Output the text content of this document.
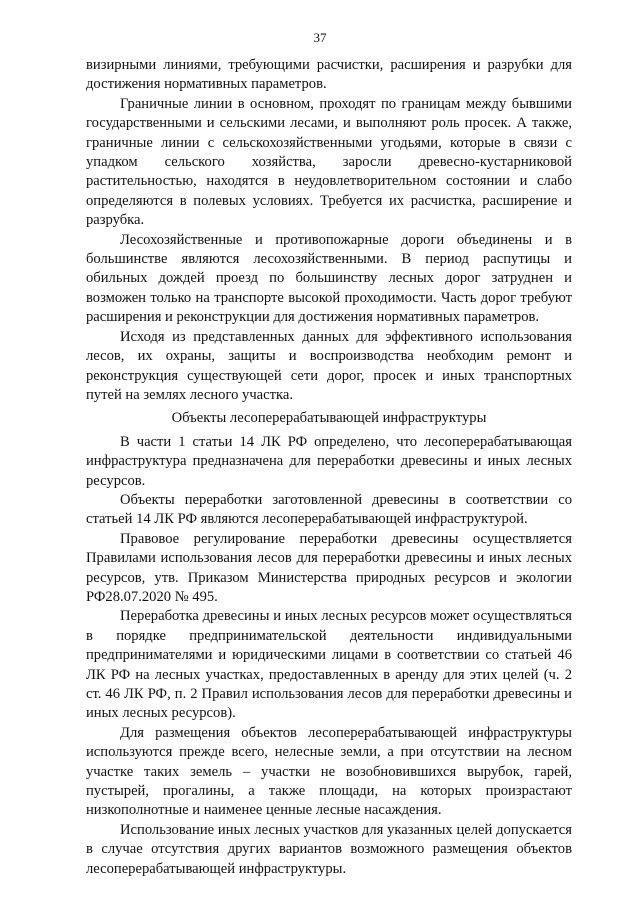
37

визирными линиями, требующими расчистки, расширения и разрубки для достижения нормативных параметров.

Граничные линии в основном, проходят по границам между бывшими государственными и сельскими лесами, и выполняют роль просек. А также, граничные линии с сельскохозяйственными угодьями, которые в связи с упадком сельского хозяйства, заросли древесно-кустарниковой растительностью, находятся в неудовлетворительном состоянии и слабо определяются в полевых условиях. Требуется их расчистка, расширение и разрубка.

Лесохозяйственные и противопожарные дороги объединены и в большинстве являются лесохозяйственными. В период распутицы и обильных дождей проезд по большинству лесных дорог затруднен и возможен только на транспорте высокой проходимости. Часть дорог требуют расширения и реконструкции для достижения нормативных параметров.

Исходя из представленных данных для эффективного использования лесов, их охраны, защиты и воспроизводства необходим ремонт и реконструкция существующей сети дорог, просек и иных транспортных путей на землях лесного участка.

Объекты лесоперерабатывающей инфраструктуры

В части 1 статьи 14 ЛК РФ определено, что лесоперерабатывающая инфраструктура предназначена для переработки древесины и иных лесных ресурсов.

Объекты переработки заготовленной древесины в соответствии со статьей 14 ЛК РФ являются лесоперерабатывающей инфраструктурой.

Правовое регулирование переработки древесины осуществляется Правилами использования лесов для переработки древесины и иных лесных ресурсов, утв. Приказом Министерства природных ресурсов и экологии РФ28.07.2020 № 495.

Переработка древесины и иных лесных ресурсов может осуществляться в порядке предпринимательской деятельности индивидуальными предпринимателями и юридическими лицами в соответствии со статьей 46 ЛК РФ на лесных участках, предоставленных в аренду для этих целей (ч. 2 ст. 46 ЛК РФ, п. 2 Правил использования лесов для переработки древесины и иных лесных ресурсов).

Для размещения объектов лесоперерабатывающей инфраструктуры используются прежде всего, нелесные земли, а при отсутствии на лесном участке таких земель – участки не возобновившихся вырубок, гарей, пустырей, прогалины, а также площади, на которых произрастают низкополнотные и наименее ценные лесные насаждения.

Использование иных лесных участков для указанных целей допускается в случае отсутствия других вариантов возможного размещения объектов лесоперерабатывающей инфраструктуры.
